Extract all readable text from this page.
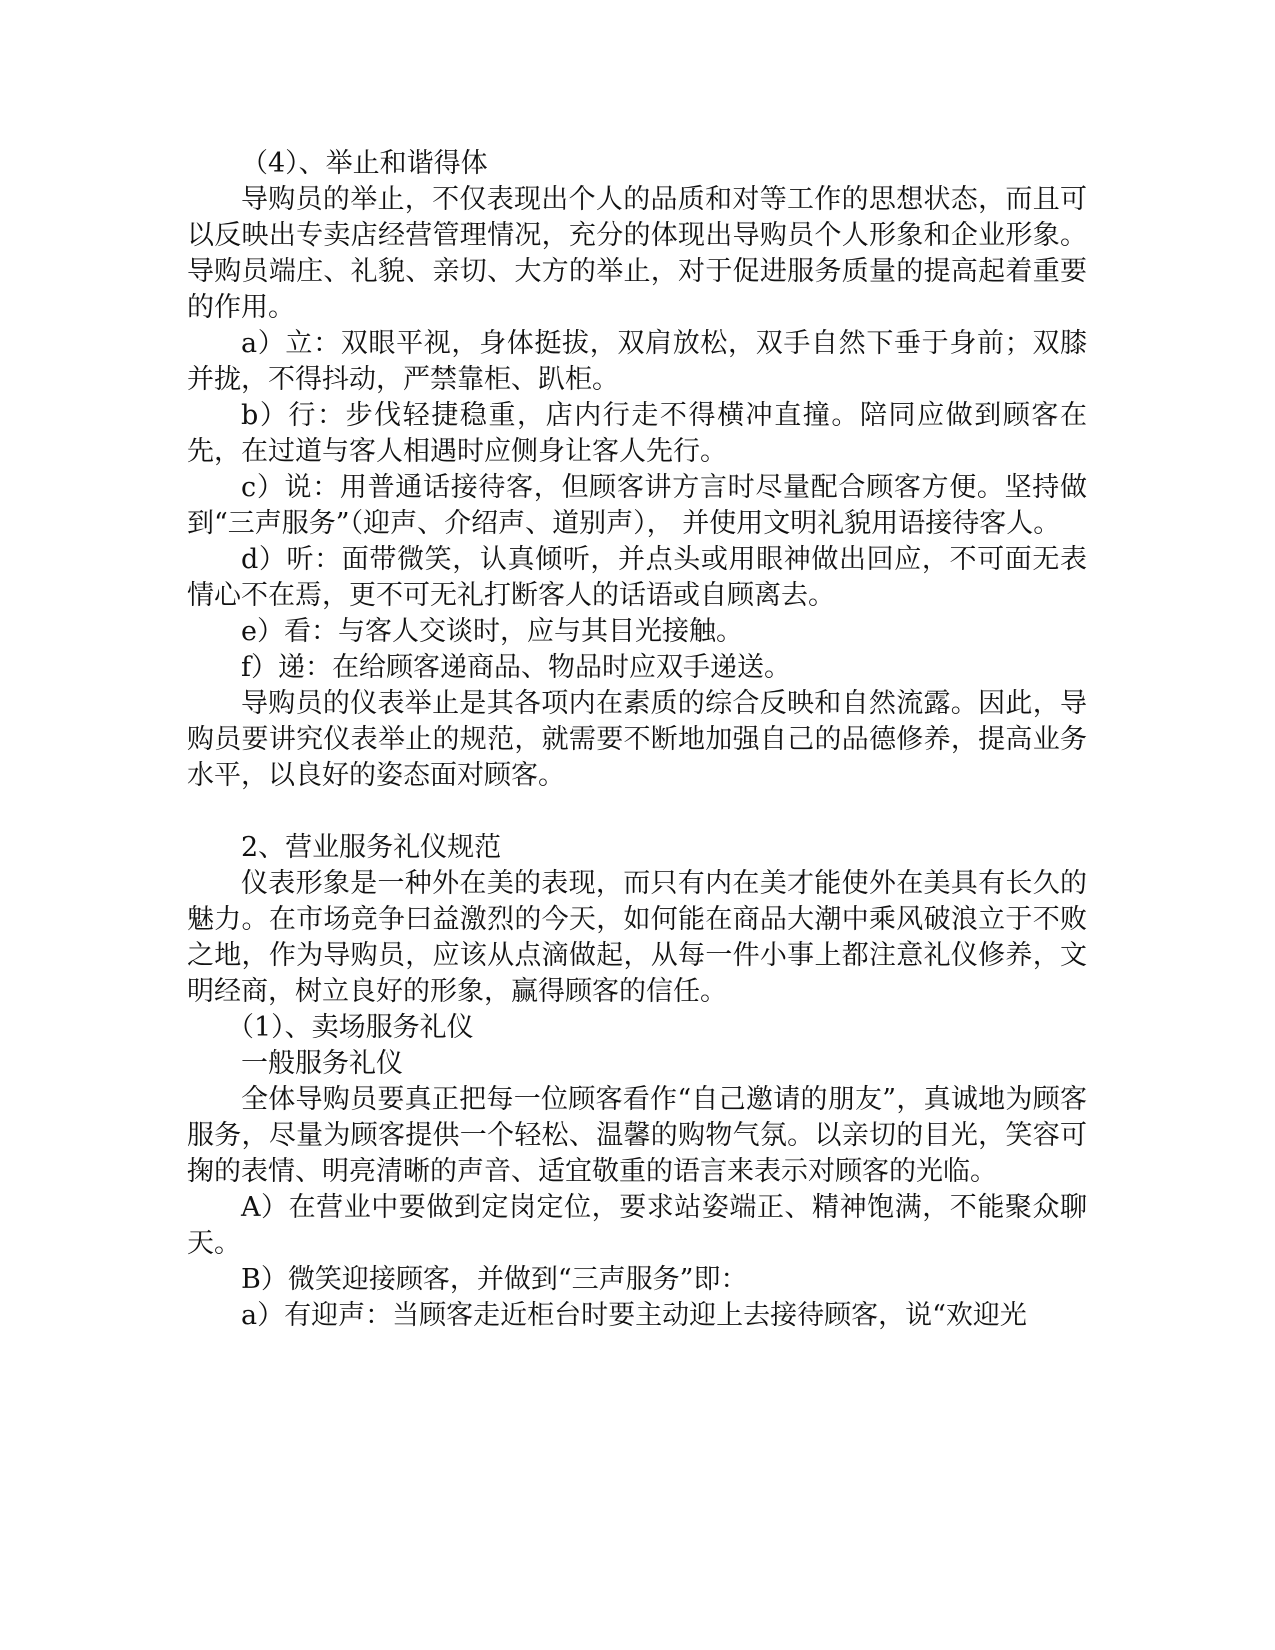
（4）、举止和谐得体

导购员的举止，不仅表现出个人的品质和对等工作的思想状态，而且可以反映出专卖店经营管理情况，充分的体现出导购员个人形象和企业形象。导购员端庄、礼貌、亲切、大方的举止，对于促进服务质量的提高起着重要的作用。

a）立：双眼平视，身体挺拔，双肩放松，双手自然下垂于身前；双膝并拢，不得抖动，严禁靠柜、趴柜。

b）行：步伐轻捷稳重，店内行走不得横冲直撞。陪同应做到顾客在先，在过道与客人相遇时应侧身让客人先行。

c）说：用普通话接待客，但顾客讲方言时尽量配合顾客方便。坚持做到“三声服务”（迎声、介绍声、道别声）， 并使用文明礼貌用语接待客人。

d）听：面带微笑，认真倾听，并点头或用眼神做出回应，不可面无表情心不在焉，更不可无礼打断客人的话语或自顾离去。

e）看：与客人交谈时，应与其目光接触。

f）递：在给顾客递商品、物品时应双手递送。

导购员的仪表举止是其各项内在素质的综合反映和自然流露。因此，导购员要讲究仪表举止的规范，就需要不断地加强自己的品德修养，提高业务水平，以良好的姿态面对顾客。

2、营业服务礼仪规范

仪表形象是一种外在美的表现，而只有内在美才能使外在美具有长久的魅力。在市场竞争曰益激烈的今天，如何能在商品大潮中乘风破浪立于不败之地，作为导购员，应该从点滴做起，从每一件小事上都注意礼仪修养，文明经商，树立良好的形象，赢得顾客的信任。

（1）、卖场服务礼仪

一般服务礼仪

全体导购员要真正把每一位顾客看作“自己邀请的朋友”，真诚地为顾客服务，尽量为顾客提供一个轻松、温馨的购物气氛。以亲切的目光，笑容可掬的表情、明亮清晰的声音、适宜敬重的语言来表示对顾客的光临。

A）在营业中要做到定岗定位，要求站姿端正、精神饱满，不能聚众聊天。

B）微笑迎接顾客，并做到“三声服务”即：

a）有迎声：当顾客走近柜台时要主动迎上去接待顾客，说“欢迎光
